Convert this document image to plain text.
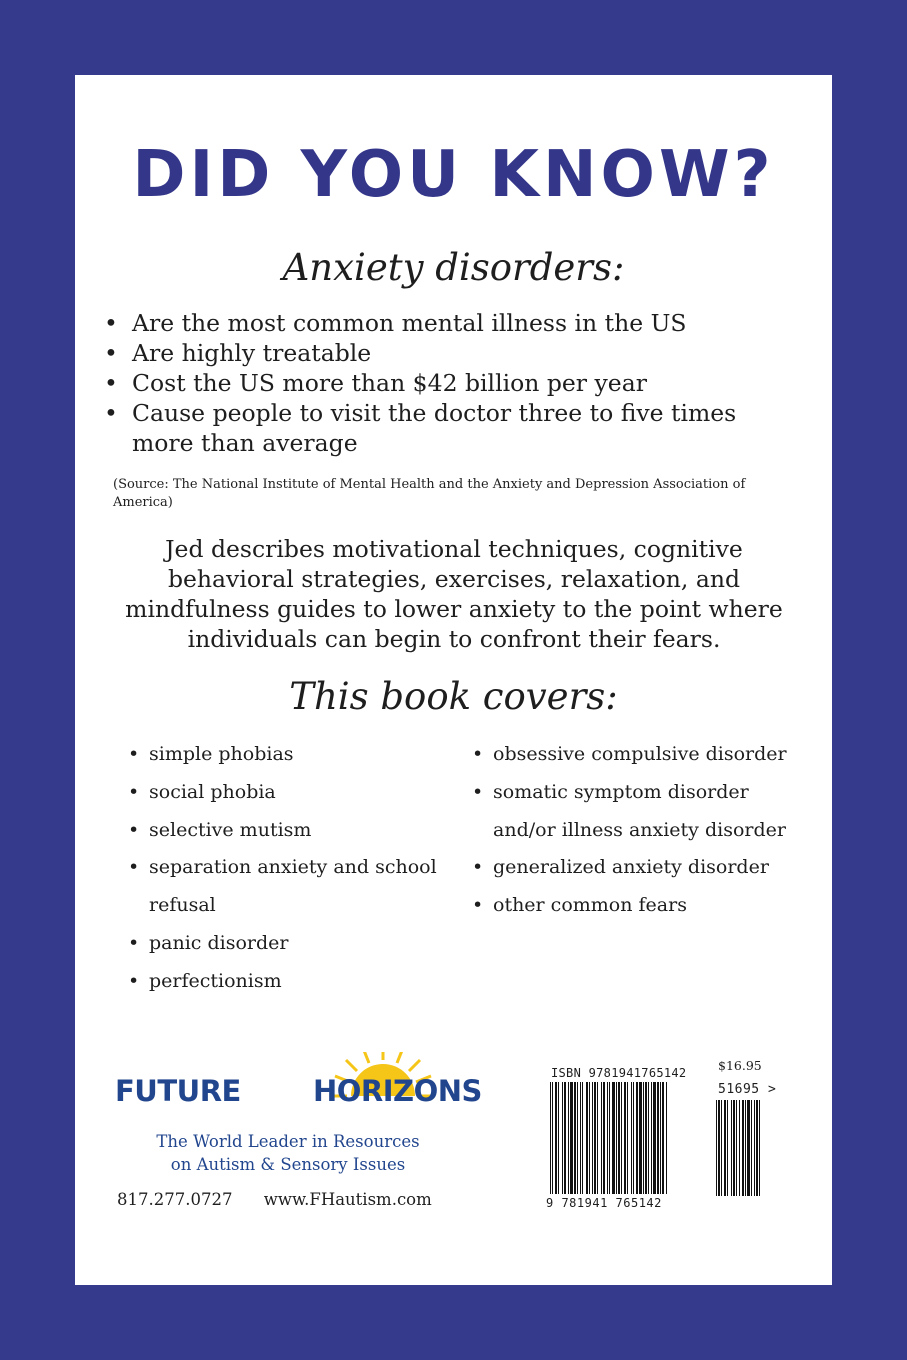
DID YOU KNOW?
Anxiety disorders:
• Are the most common mental illness in the US
• Are highly treatable
• Cost the US more than $42 billion per year
• Cause people to visit the doctor three to five times more than average
(Source: The National Institute of Mental Health and the Anxiety and Depression Association of America)
Jed describes motivational techniques, cognitive behavioral strategies, exercises, relaxation, and mindfulness guides to lower anxiety to the point where individuals can begin to confront their fears.
This book covers:
• simple phobias
• social phobia
• selective mutism
• separation anxiety and school refusal
• panic disorder
• perfectionism
• obsessive compulsive disorder
• somatic symptom disorder and/or illness anxiety disorder
• generalized anxiety disorder
• other common fears
FUTURE HORIZONS
The World Leader in Resources
on Autism & Sensory Issues
817.277.0727 www.FHautism.com
ISBN 9781941765142
9 781941 765142
$16.95
51695 >
